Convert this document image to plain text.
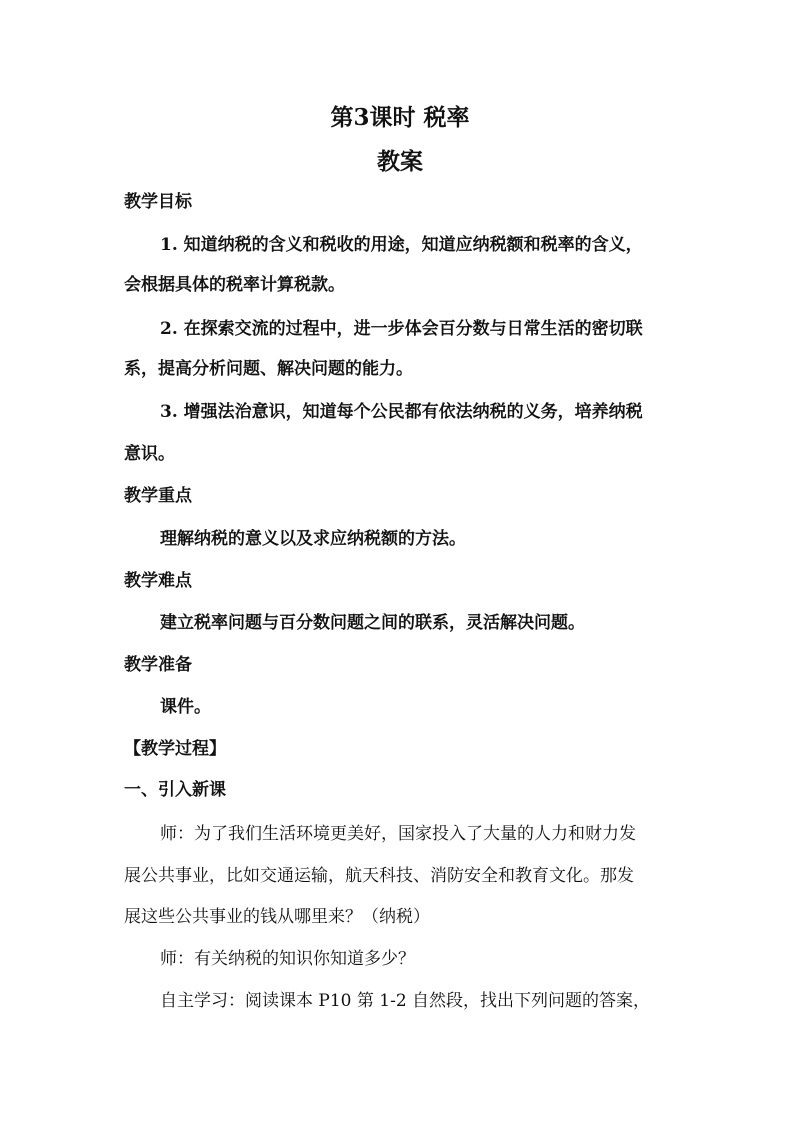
第3课时 税率
教案
教学目标
1. 知道纳税的含义和税收的用途，知道应纳税额和税率的含义，
会根据具体的税率计算税款。
2. 在探索交流的过程中，进一步体会百分数与日常生活的密切联
系，提高分析问题、解决问题的能力。
3. 增强法治意识，知道每个公民都有依法纳税的义务，培养纳税
意识。
教学重点
理解纳税的意义以及求应纳税额的方法。
教学难点
建立税率问题与百分数问题之间的联系，灵活解决问题。
教学准备
课件。
【教学过程】
一、引入新课
师：为了我们生活环境更美好，国家投入了大量的人力和财力发
展公共事业，比如交通运输，航天科技、消防安全和教育文化。那发
展这些公共事业的钱从哪里来？（纳税）
师：有关纳税的知识你知道多少？
自主学习：阅读课本 P10 第 1-2 自然段，找出下列问题的答案，
